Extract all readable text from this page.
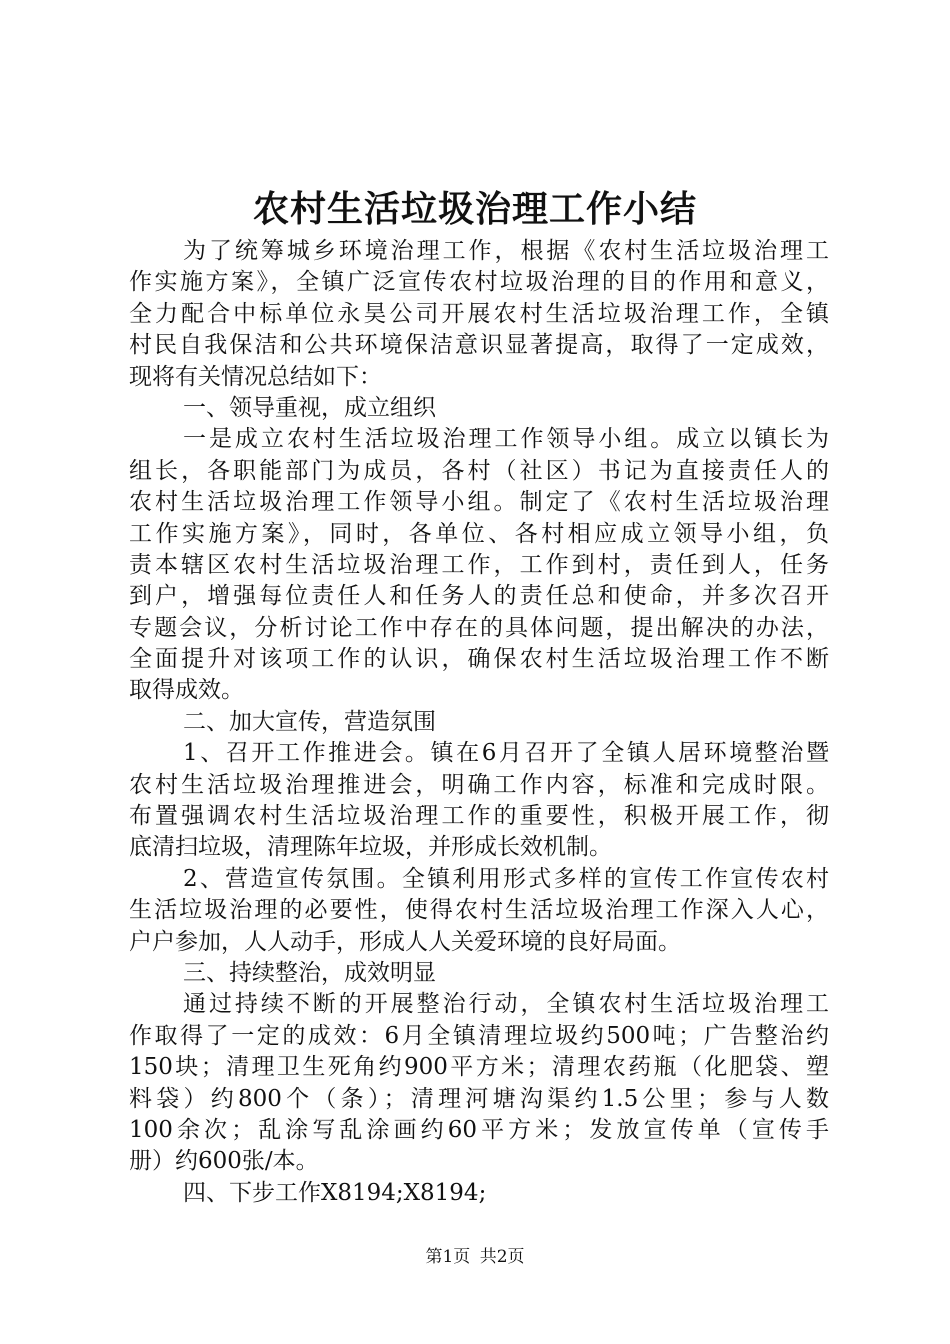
农村生活垃圾治理工作小结
为了统筹城乡环境治理工作，根据《农村生活垃圾治理工
作实施方案》，全镇广泛宣传农村垃圾治理的目的作用和意义，
全力配合中标单位永昊公司开展农村生活垃圾治理工作，全镇
村民自我保洁和公共环境保洁意识显著提高，取得了一定成效，
现将有关情况总结如下：
一、领导重视，成立组织
一是成立农村生活垃圾治理工作领导小组。成立以镇长为
组长，各职能部门为成员，各村（社区）书记为直接责任人的
农村生活垃圾治理工作领导小组。制定了《农村生活垃圾治理
工作实施方案》，同时，各单位、各村相应成立领导小组，负
责本辖区农村生活垃圾治理工作，工作到村，责任到人，任务
到户，增强每位责任人和任务人的责任总和使命，并多次召开
专题会议，分析讨论工作中存在的具体问题，提出解决的办法，
全面提升对该项工作的认识，确保农村生活垃圾治理工作不断
取得成效。
二、加大宣传，营造氛围
1、召开工作推进会。镇在6月召开了全镇人居环境整治暨
农村生活垃圾治理推进会，明确工作内容，标准和完成时限。
布置强调农村生活垃圾治理工作的重要性，积极开展工作，彻
底清扫垃圾，清理陈年垃圾，并形成长效机制。
2、营造宣传氛围。全镇利用形式多样的宣传工作宣传农村
生活垃圾治理的必要性，使得农村生活垃圾治理工作深入人心，
户户参加，人人动手，形成人人关爱环境的良好局面。
三、持续整治，成效明显
通过持续不断的开展整治行动，全镇农村生活垃圾治理工
作取得了一定的成效：6月全镇清理垃圾约500吨；广告整治约
150块；清理卫生死角约900平方米；清理农药瓶（化肥袋、塑
料袋）约800个（条）；清理河塘沟渠约1.5公里；参与人数
100余次；乱涂写乱涂画约60平方米；发放宣传单（宣传手
册）约600张/本。
四、下步工作X8194;X8194;
第1页 共2页
